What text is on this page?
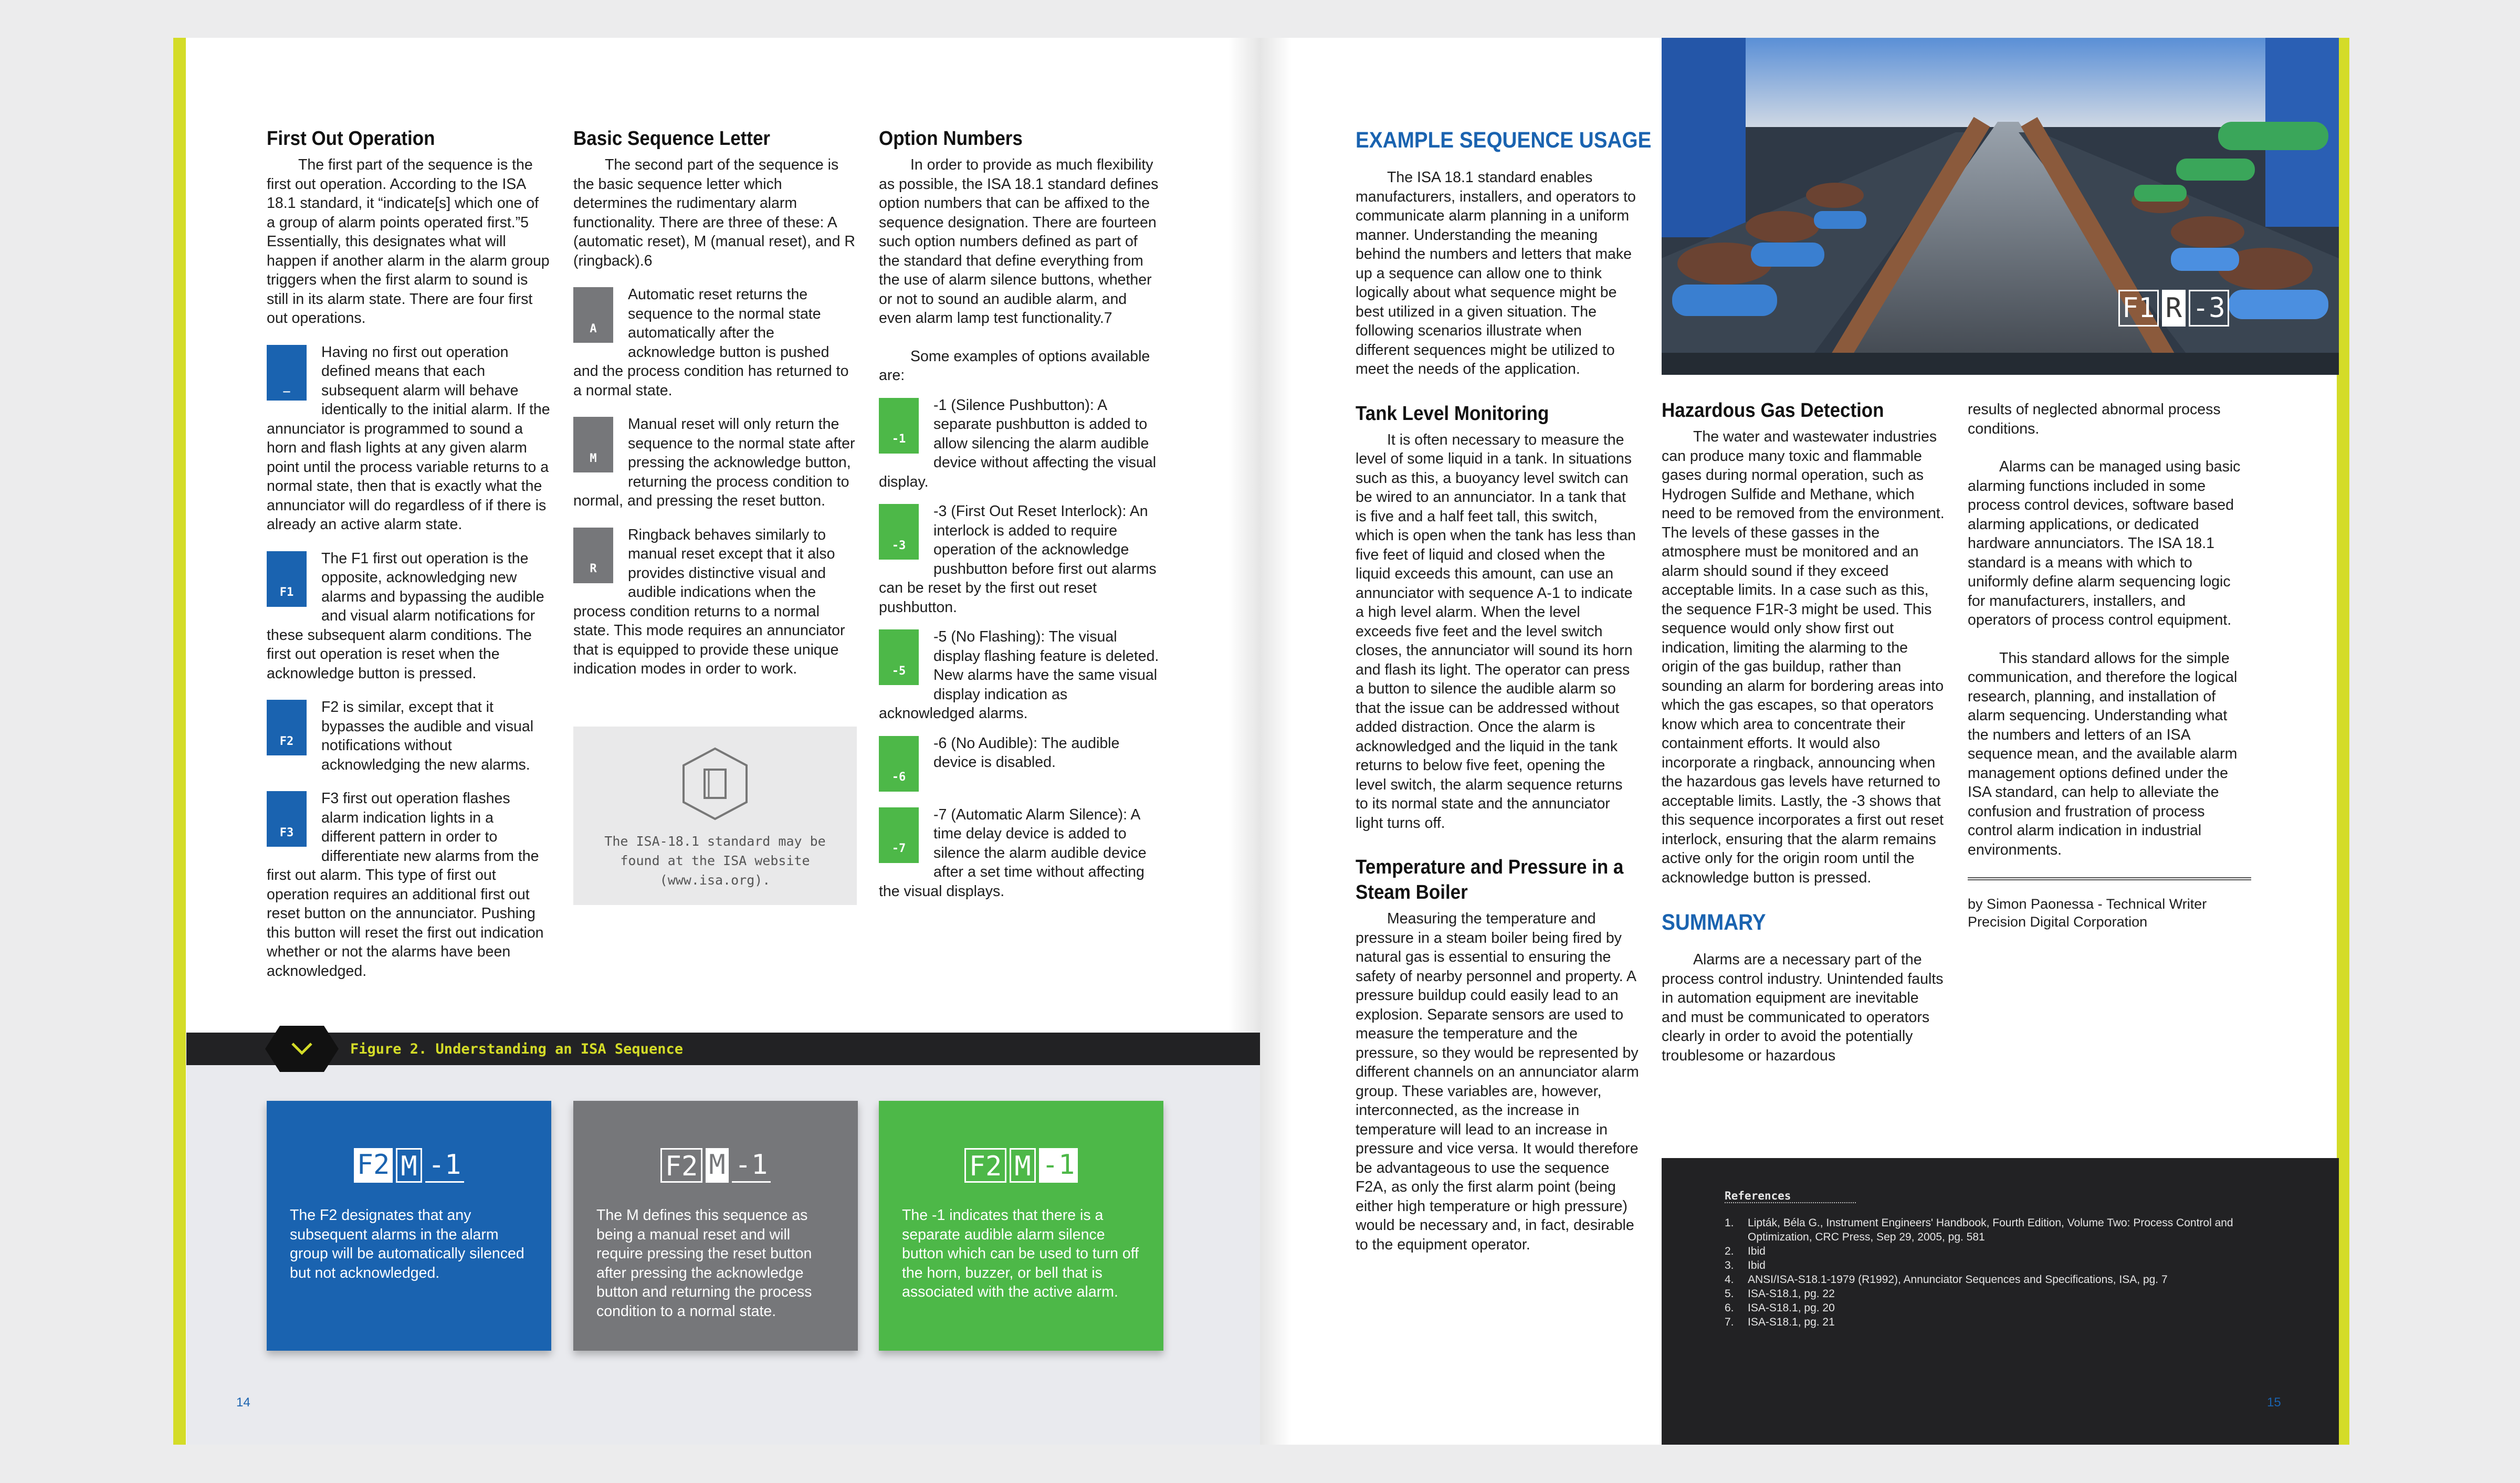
First Out Operation

The first part of the sequence is the first out operation. According to the ISA 18.1 standard, it “indicate[s] which one of a group of alarm points operated first.”5 Essentially, this designates what will happen if another alarm in the alarm group triggers when the first alarm to sound is still in its alarm state. There are four first out operations.

_

Having no first out operation defined means that each subsequent alarm will behave identically to the initial alarm. If the annunciator is programmed to sound a horn and flash lights at any given alarm point until the process variable returns to a normal state, then that is exactly what the annunciator will do regardless of if there is already an active alarm state.

F1

The F1 first out operation is the opposite, acknowledging new alarms and bypassing the audible and visual alarm notifications for these subsequent alarm conditions. The first out operation is reset when the acknowledge button is pressed.

F2

F2 is similar, except that it bypasses the audible and visual notifications without acknowledging the new alarms.

F3

F3 first out operation flashes alarm indication lights in a different pattern in order to differentiate new alarms from the first out alarm. This type of first out operation requires an additional first out reset button on the annunciator. Pushing this button will reset the first out indication whether or not the alarms have been acknowledged.

Basic Sequence Letter

The second part of the sequence is the basic sequence letter which determines the rudimentary alarm functionality. There are three of these: A (automatic reset), M (manual reset), and R (ringback).6

A

Automatic reset returns the sequence to the normal state automatically after the acknowledge button is pushed and the process condition has returned to a normal state.

M

Manual reset will only return the sequence to the normal state after pressing the acknowledge button, returning the process condition to normal, and pressing the reset button.

R

Ringback behaves similarly to manual reset except that it also provides distinctive visual and audible indications when the process condition returns to a normal state. This mode requires an annunciator that is equipped to provide these unique indication modes in order to work.

The ISA-18.1 standard may be found at the ISA website (www.isa.org).
Option Numbers

In order to provide as much flexibility as possible, the ISA 18.1 standard defines option numbers that can be affixed to the sequence designation. There are fourteen such option numbers defined as part of the standard that define everything from the use of alarm silence buttons, whether or not to sound an audible alarm, and even alarm lamp test functionality.7

Some examples of options available are:

-1

-1 (Silence Pushbutton): A separate pushbutton is added to allow silencing the alarm audible device without affecting the visual display.

-3

-3 (First Out Reset Interlock): An interlock is added to require operation of the acknowledge pushbutton before first out alarms can be reset by the first out reset pushbutton.

-5

-5 (No Flashing): The visual display flashing feature is deleted. New alarms have the same visual display indication as acknowledged alarms.

-6

-6 (No Audible): The audible device is disabled.

-7

-7 (Automatic Alarm Silence): A time delay device is added to silence the alarm audible device after a set time without affecting the visual displays.

Figure 2. Understanding an ISA Sequence
F2 M -1
The F2 designates that any subsequent alarms in the alarm group will be automatically silenced but not acknowledged.
F2 M -1
The M defines this sequence as being a manual reset and will require pressing the reset button after pressing the acknowledge button and returning the process condition to a normal state.
F2 M -1
The -1 indicates that there is a separate audible alarm silence button which can be used to turn off the horn, buzzer, or bell that is associated with the active alarm.
14
F1 R -3
EXAMPLE SEQUENCE USAGE

The ISA 18.1 standard enables manufacturers, installers, and operators to communicate alarm planning in a uniform manner. Understanding the meaning behind the numbers and letters that make up a sequence can allow one to think logically about what sequence might be best utilized in a given situation. The following scenarios illustrate when different sequences might be utilized to meet the needs of the application.

Tank Level Monitoring

It is often necessary to measure the level of some liquid in a tank. In situations such as this, a buoyancy level switch can be wired to an annunciator. In a tank that is five and a half feet tall, this switch, which is open when the tank has less than five feet of liquid and closed when the liquid exceeds this amount, can use an annunciator with sequence A-1 to indicate a high level alarm. When the level exceeds five feet and the level switch closes, the annunciator will sound its horn and flash its light. The operator can press a button to silence the audible alarm so that the issue can be addressed without added distraction. Once the alarm is acknowledged and the liquid in the tank returns to below five feet, opening the level switch, the alarm sequence returns to its normal state and the annunciator light turns off.

Temperature and Pressure in a Steam Boiler

Measuring the temperature and pressure in a steam boiler being fired by natural gas is essential to ensuring the safety of nearby personnel and property. A pressure buildup could easily lead to an explosion. Separate sensors are used to measure the temperature and the pressure, so they would be represented by different channels on an annunciator alarm group. These variables are, however, interconnected, as the increase in temperature will lead to an increase in pressure and vice versa. It would therefore be advantageous to use the sequence F2A, as only the first alarm point (being either high temperature or high pressure) would be necessary and, in fact, desirable to the equipment operator.

Hazardous Gas Detection

The water and wastewater industries can produce many toxic and flammable gases during normal operation, such as Hydrogen Sulfide and Methane, which need to be removed from the environment. The levels of these gasses in the atmosphere must be monitored and an alarm should sound if they exceed acceptable limits. In a case such as this, the sequence F1R-3 might be used. This sequence would only show first out indication, limiting the alarming to the origin of the gas buildup, rather than sounding an alarm for bordering areas into which the gas escapes, so that operators know which area to concentrate their containment efforts. It would also incorporate a ringback, announcing when the hazardous gas levels have returned to acceptable limits. Lastly, the -3 shows that this sequence incorporates a first out reset interlock, ensuring that the alarm remains active only for the origin room until the acknowledge button is pressed.

SUMMARY

Alarms are a necessary part of the process control industry. Unintended faults in automation equipment are inevitable and must be communicated to operators clearly in order to avoid the potentially troublesome or hazardous

results of neglected abnormal process conditions.

Alarms can be managed using basic alarming functions included in some process control devices, software based alarming applications, or dedicated hardware annunciators. The ISA 18.1 standard is a means with which to uniformly define alarm sequencing logic for manufacturers, installers, and operators of process control equipment.

This standard allows for the simple communication, and therefore the logical research, planning, and installation of alarm sequencing. Understanding what the numbers and letters of an ISA sequence mean, and the available alarm management options defined under the ISA standard, can help to alleviate the confusion and frustration of process control alarm indication in industrial environments.

by Simon Paonessa - Technical Writer
Precision Digital Corporation
References
1.	Lipták, Béla G., Instrument Engineers' Handbook, Fourth Edition, Volume Two: Process Control and Optimization, CRC Press, Sep 29, 2005, pg. 581
2.	Ibid
3.	Ibid
4.	ANSI/ISA-S18.1-1979 (R1992), Annunciator Sequences and Specifications, ISA, pg. 7
5.	ISA-S18.1, pg. 22
6.	ISA-S18.1, pg. 20
7.	ISA-S18.1, pg. 21
15
